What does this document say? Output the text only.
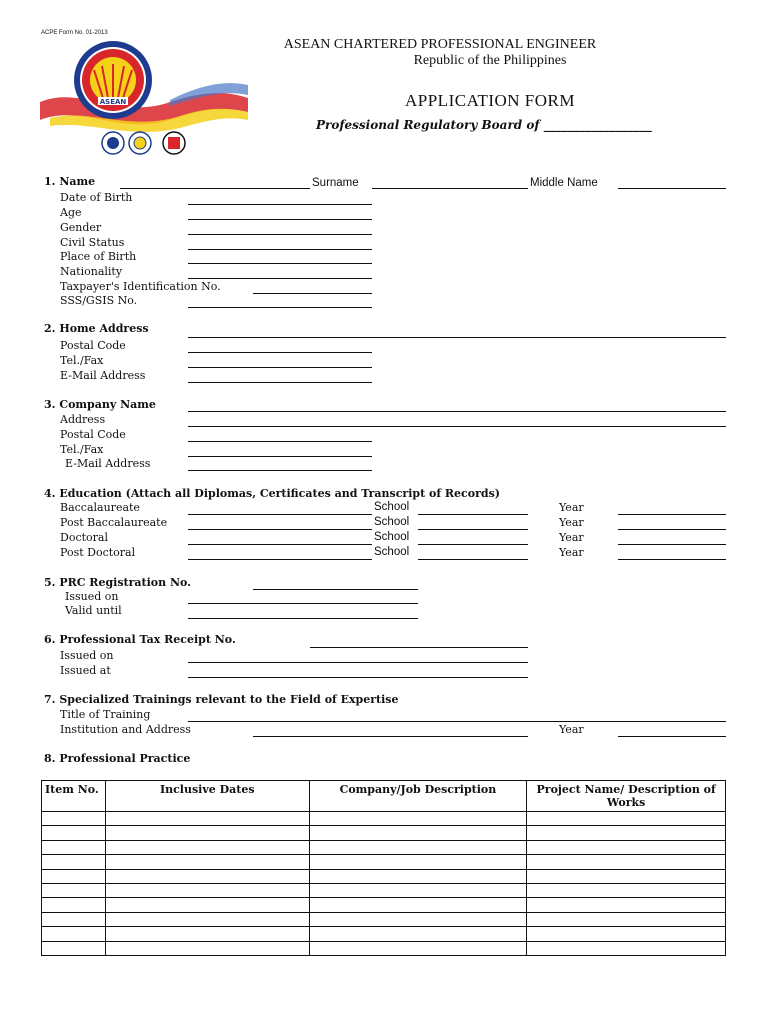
ACPE Form No. 01-2013
ASEAN
ASEAN CHARTERED PROFESSIONAL ENGINEER
Republic of the Philippines
APPLICATION FORM
Professional Regulatory Board of __________________
1. Name	Surname	Middle Name
Date of Birth
Age
Gender
Civil Status
Place of Birth
Nationality
Taxpayer's Identification No.
SSS/GSIS No.
2. Home Address
Postal Code
Tel./Fax
E-Mail Address
3. Company Name
Address
Postal Code
Tel./Fax
E-Mail Address
4. Education (Attach all Diplomas, Certificates and Transcript of Records)
Baccalaureate	School	Year
Post Baccalaureate	School	Year
Doctoral	School	Year
Post Doctoral	School	Year
5. PRC Registration No.
Issued on
Valid until
6. Professional Tax Receipt No.
Issued on
Issued at
7. Specialized Trainings relevant to the Field of Expertise
Title of Training
Institution and Address	Year
8. Professional Practice
Item No.	Inclusive Dates	Company/Job Description	Project Name/ Description of Works
